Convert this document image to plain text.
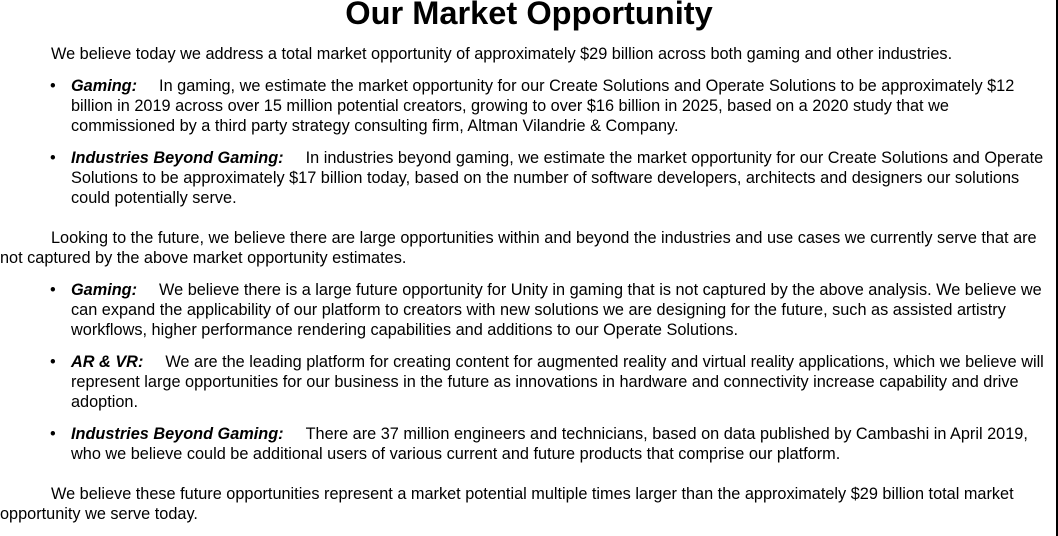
Our Market Opportunity

We believe today we address a total market opportunity of approximately $29 billion across both gaming and other industries.

• Gaming: In gaming, we estimate the market opportunity for our Create Solutions and Operate Solutions to be approximately $12 billion in 2019 across over 15 million potential creators, growing to over $16 billion in 2025, based on a 2020 study that we commissioned by a third party strategy consulting firm, Altman Vilandrie & Company.
• Industries Beyond Gaming: In industries beyond gaming, we estimate the market opportunity for our Create Solutions and Operate Solutions to be approximately $17 billion today, based on the number of software developers, architects and designers our solutions could potentially serve.

Looking to the future, we believe there are large opportunities within and beyond the industries and use cases we currently serve that are not captured by the above market opportunity estimates.

• Gaming: We believe there is a large future opportunity for Unity in gaming that is not captured by the above analysis. We believe we can expand the applicability of our platform to creators with new solutions we are designing for the future, such as assisted artistry workflows, higher performance rendering capabilities and additions to our Operate Solutions.
• AR & VR: We are the leading platform for creating content for augmented reality and virtual reality applications, which we believe will represent large opportunities for our business in the future as innovations in hardware and connectivity increase capability and drive adoption.
• Industries Beyond Gaming: There are 37 million engineers and technicians, based on data published by Cambashi in April 2019, who we believe could be additional users of various current and future products that comprise our platform.

We believe these future opportunities represent a market potential multiple times larger than the approximately $29 billion total market opportunity we serve today.
